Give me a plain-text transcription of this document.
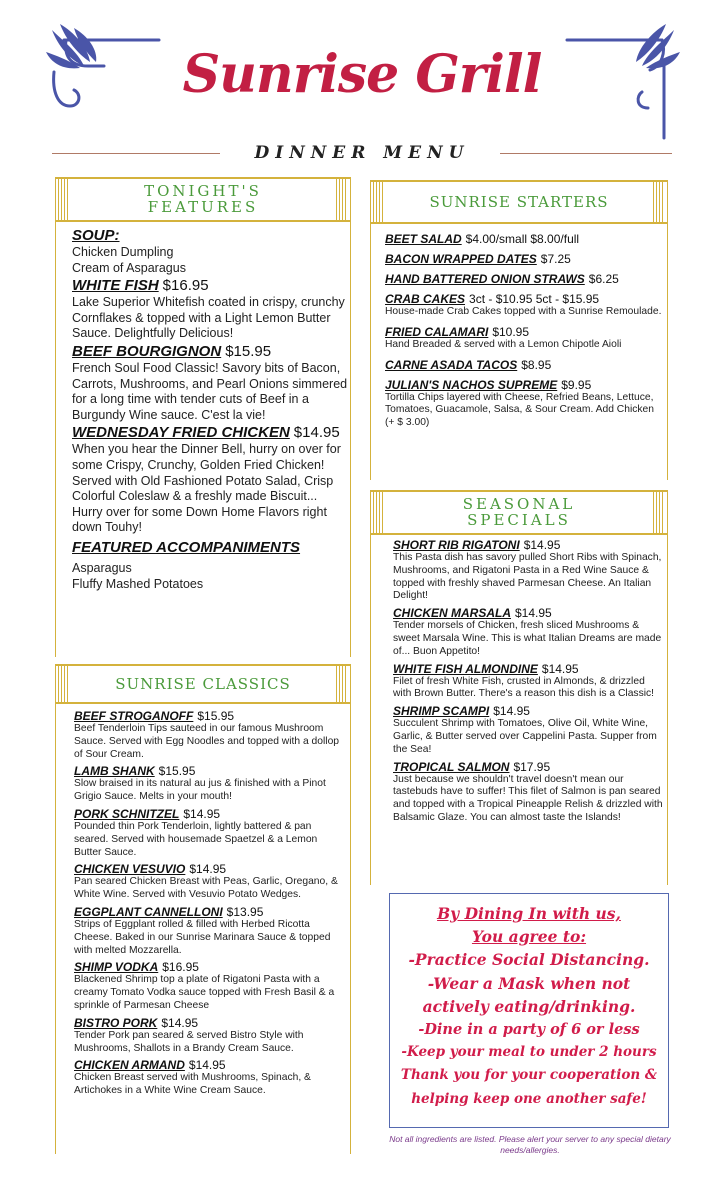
Sunrise Grill
DINNER MENU
TONIGHT'S
FEATURES
SOUP:
Chicken Dumpling
Cream of Asparagus
WHITE FISH $16.95
Lake Superior Whitefish coated in crispy, crunchy Cornflakes & topped with a Light Lemon Butter Sauce. Delightfully Delicious!
BEEF BOURGIGNON $15.95
French Soul Food Classic! Savory bits of Bacon, Carrots, Mushrooms, and Pearl Onions simmered for a long time with tender cuts of Beef in a Burgundy Wine sauce. C'est la vie!
WEDNESDAY FRIED CHICKEN $14.95
When you hear the Dinner Bell, hurry on over for some Crispy, Crunchy, Golden Fried Chicken! Served with Old Fashioned Potato Salad, Crisp Colorful Coleslaw & a freshly made Biscuit... Hurry over for some Down Home Flavors right down Touhy!
FEATURED ACCOMPANIMENTS
Asparagus
Fluffy Mashed Potatoes
SUNRISE CLASSICS
BEEF STROGANOFF $15.95
Beef Tenderloin Tips sauteed in our famous Mushroom Sauce. Served with Egg Noodles and topped with a dollop of Sour Cream.
LAMB SHANK $15.95
Slow braised in its natural au jus & finished with a Pinot Grigio Sauce. Melts in your mouth!
PORK SCHNITZEL $14.95
Pounded thin Pork Tenderloin, lightly battered & pan seared. Served with housemade Spaetzel & a Lemon Butter Sauce.
CHICKEN VESUVIO $14.95
Pan seared Chicken Breast with Peas, Garlic, Oregano, & White Wine. Served with Vesuvio Potato Wedges.
EGGPLANT CANNELLONI $13.95
Strips of Eggplant rolled & filled with Herbed Ricotta Cheese. Baked in our Sunrise Marinara Sauce & topped with melted Mozzarella.
SHIMP VODKA $16.95
Blackened Shrimp top a plate of Rigatoni Pasta with a creamy Tomato Vodka sauce topped with Fresh Basil & a sprinkle of Parmesan Cheese
BISTRO PORK $14.95
Tender Pork pan seared & served Bistro Style with Mushrooms, Shallots in a Brandy Cream Sauce.
CHICKEN ARMAND $14.95
Chicken Breast served with Mushrooms, Spinach, & Artichokes in a White Wine Cream Sauce.
SUNRISE STARTERS
BEET SALAD $4.00/small $8.00/full
BACON WRAPPED DATES $7.25
HAND BATTERED ONION STRAWS $6.25
CRAB CAKES 3ct - $10.95 5ct - $15.95
House-made Crab Cakes topped with a Sunrise Remoulade.
FRIED CALAMARI $10.95
Hand Breaded & served with a Lemon Chipotle Aioli
CARNE ASADA TACOS $8.95
JULIAN'S NACHOS SUPREME $9.95
Tortilla Chips layered with Cheese, Refried Beans, Lettuce, Tomatoes, Guacamole, Salsa, & Sour Cream. Add Chicken (+ $ 3.00)
SEASONAL
SPECIALS
SHORT RIB RIGATONI $14.95
This Pasta dish has savory pulled Short Ribs with Spinach, Mushrooms, and Rigatoni Pasta in a Red Wine Sauce & topped with freshly shaved Parmesan Cheese. An Italian Delight!
CHICKEN MARSALA $14.95
Tender morsels of Chicken, fresh sliced Mushrooms & sweet Marsala Wine. This is what Italian Dreams are made of... Buon Appetito!
WHITE FISH ALMONDINE $14.95
Filet of fresh White Fish, crusted in Almonds, & drizzled with Brown Butter. There's a reason this dish is a Classic!
SHRIMP SCAMPI $14.95
Succulent Shrimp with Tomatoes, Olive Oil, White Wine, Garlic, & Butter served over Cappelini Pasta. Supper from the Sea!
TROPICAL SALMON $17.95
Just because we shouldn't travel doesn't mean our tastebuds have to suffer! This filet of Salmon is pan seared and topped with a Tropical Pineapple Relish & drizzled with Balsamic Glaze. You can almost taste the Islands!
By Dining In with us,
You agree to:
-Practice Social Distancing.
-Wear a Mask when not
actively eating/drinking.
-Dine in a party of 6 or less
-Keep your meal to under 2 hours
Thank you for your cooperation &
helping keep one another safe!
Not all ingredients are listed. Please alert your server to any special dietary needs/allergies.
